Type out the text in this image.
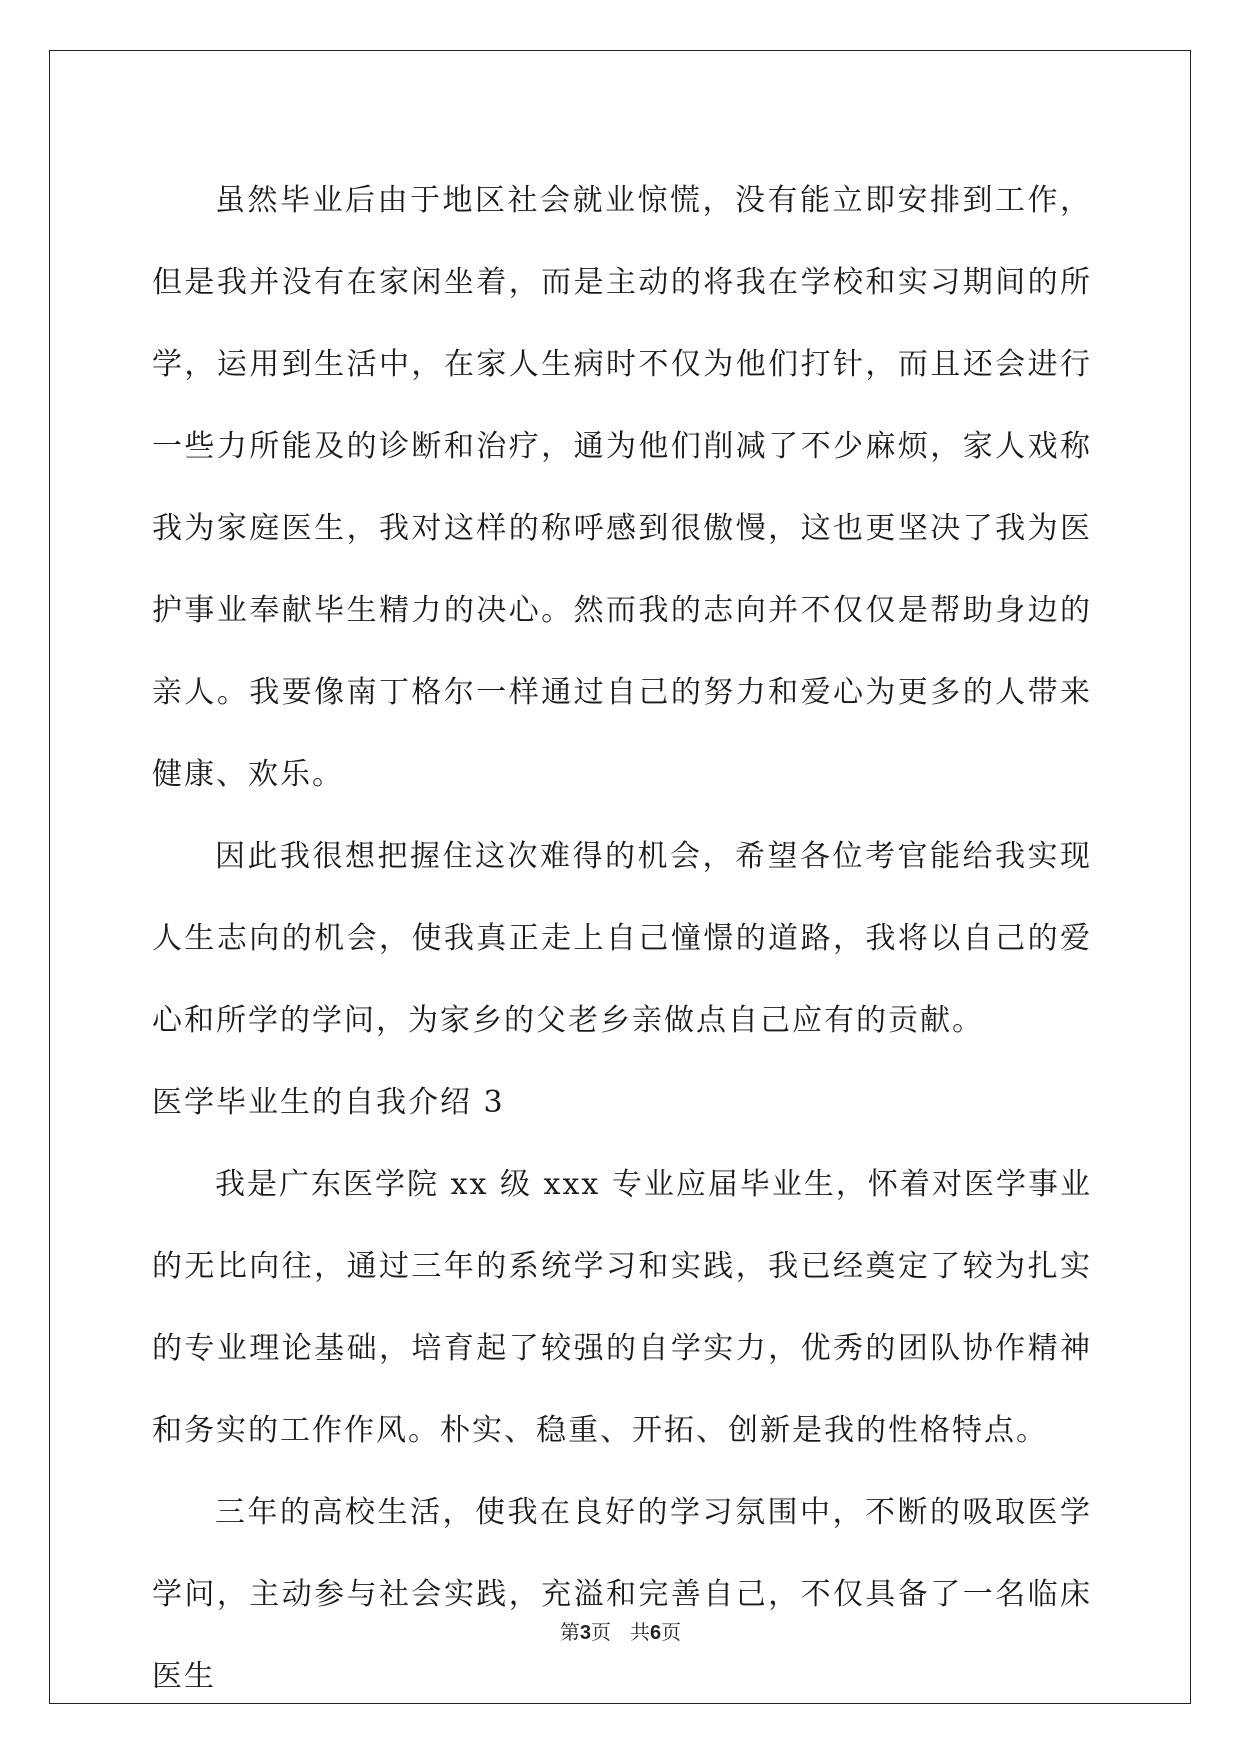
虽然毕业后由于地区社会就业惊慌，没有能立即安排到工作，但是我并没有在家闲坐着，而是主动的将我在学校和实习期间的所学，运用到生活中，在家人生病时不仅为他们打针，而且还会进行一些力所能及的诊断和治疗，通为他们削减了不少麻烦，家人戏称我为家庭医生，我对这样的称呼感到很傲慢，这也更坚决了我为医护事业奉献毕生精力的决心。然而我的志向并不仅仅是帮助身边的亲人。我要像南丁格尔一样通过自己的努力和爱心为更多的人带来健康、欢乐。

因此我很想把握住这次难得的机会，希望各位考官能给我实现人生志向的机会，使我真正走上自己憧憬的道路，我将以自己的爱心和所学的学问，为家乡的父老乡亲做点自己应有的贡献。

医学毕业生的自我介绍 3

我是广东医学院 xx 级 xxx 专业应届毕业生，怀着对医学事业的无比向往，通过三年的系统学习和实践，我已经奠定了较为扎实的专业理论基础，培育起了较强的自学实力，优秀的团队协作精神和务实的工作作风。朴实、稳重、开拓、创新是我的性格特点。

三年的高校生活，使我在良好的学习氛围中，不断的吸取医学学问，主动参与社会实践，充溢和完善自己，不仅具备了一名临床医生

第3页 共6页
